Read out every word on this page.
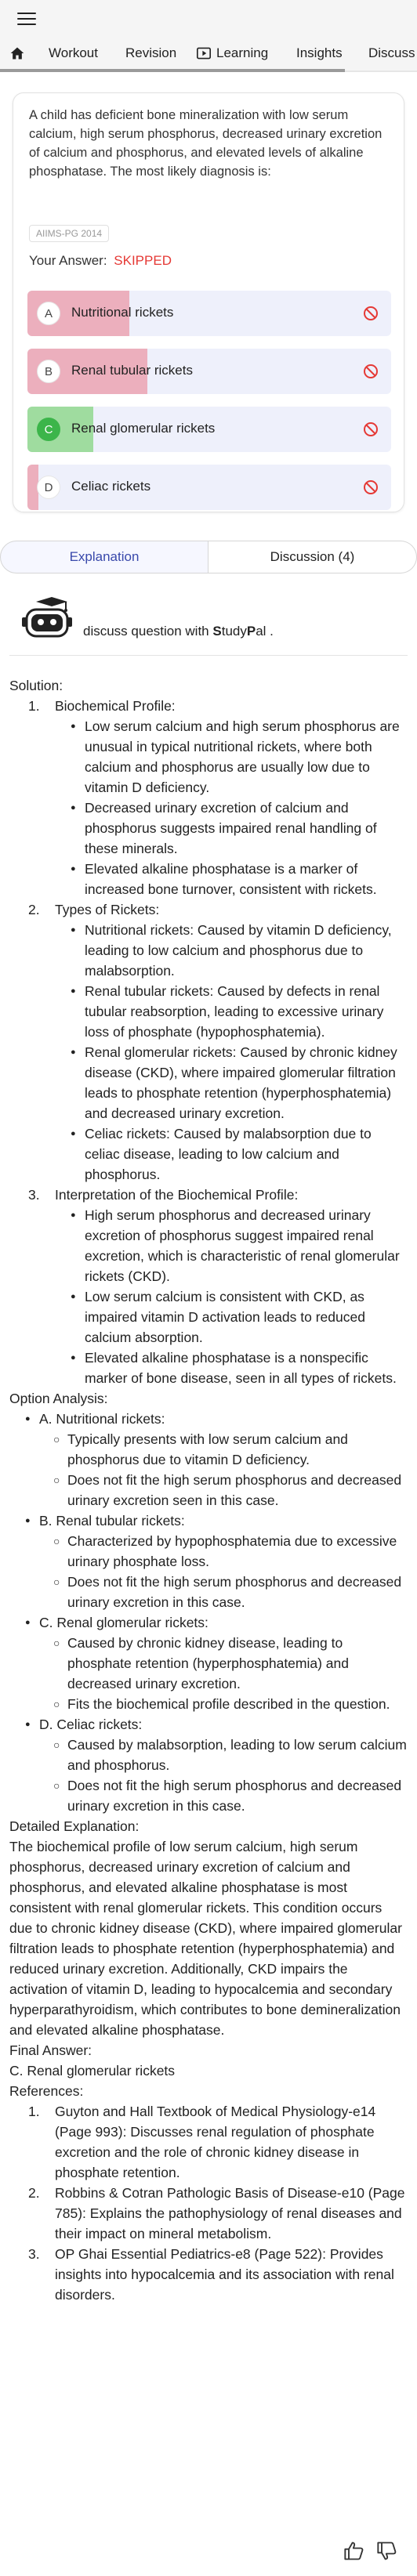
Workout Revision	Learning Insights Discuss
A child has deficient bone mineralization with low serum calcium, high serum phosphorus, decreased urinary excretion of calcium and phosphorus, and elevated levels of alkaline phosphatase. The most likely diagnosis is:
AIIMS-PG 2014
Your Answer: SKIPPED
A	Nutritional rickets
B	Renal tubular rickets
C	Renal glomerular rickets
D	Celiac rickets
Explanation	Discussion (4)
discuss question with StudyPal .

Solution:

1. Biochemical Profile:
● Low serum calcium and high serum phosphorus are unusual in typical nutritional rickets, where both calcium and phosphorus are usually low due to vitamin D deficiency.
● Decreased urinary excretion of calcium and phosphorus suggests impaired renal handling of these minerals.
● Elevated alkaline phosphatase is a marker of increased bone turnover, consistent with rickets.
2. Types of Rickets:
● Nutritional rickets: Caused by vitamin D deficiency, leading to low calcium and phosphorus due to malabsorption.
● Renal tubular rickets: Caused by defects in renal tubular reabsorption, leading to excessive urinary loss of phosphate (hypophosphatemia).
● Renal glomerular rickets: Caused by chronic kidney disease (CKD), where impaired glomerular filtration leads to phosphate retention (hyperphosphatemia) and decreased urinary excretion.
● Celiac rickets: Caused by malabsorption due to celiac disease, leading to low calcium and phosphorus.
3. Interpretation of the Biochemical Profile:
● High serum phosphorus and decreased urinary excretion of phosphorus suggest impaired renal excretion, which is characteristic of renal glomerular rickets (CKD).
● Low serum calcium is consistent with CKD, as impaired vitamin D activation leads to reduced calcium absorption.
● Elevated alkaline phosphatase is a nonspecific marker of bone disease, seen in all types of rickets.

Option Analysis:

● A. Nutritional rickets:
○ Typically presents with low serum calcium and phosphorus due to vitamin D deficiency.
○ Does not fit the high serum phosphorus and decreased urinary excretion seen in this case.
● B. Renal tubular rickets:
○ Characterized by hypophosphatemia due to excessive urinary phosphate loss.
○ Does not fit the high serum phosphorus and decreased urinary excretion in this case.
● C. Renal glomerular rickets:
○ Caused by chronic kidney disease, leading to phosphate retention (hyperphosphatemia) and decreased urinary excretion.
○ Fits the biochemical profile described in the question.
● D. Celiac rickets:
○ Caused by malabsorption, leading to low serum calcium and phosphorus.
○ Does not fit the high serum phosphorus and decreased urinary excretion in this case.

Detailed Explanation:

The biochemical profile of low serum calcium, high serum phosphorus, decreased urinary excretion of calcium and phosphorus, and elevated alkaline phosphatase is most consistent with renal glomerular rickets. This condition occurs due to chronic kidney disease (CKD), where impaired glomerular filtration leads to phosphate retention (hyperphosphatemia) and reduced urinary excretion. Additionally, CKD impairs the activation of vitamin D, leading to hypocalcemia and secondary hyperparathyroidism, which contributes to bone demineralization and elevated alkaline phosphatase.

Final Answer:

C. Renal glomerular rickets

References:

1. Guyton and Hall Textbook of Medical Physiology-e14 (Page 993): Discusses renal regulation of phosphate excretion and the role of chronic kidney disease in phosphate retention.
2. Robbins & Cotran Pathologic Basis of Disease-e10 (Page 785): Explains the pathophysiology of renal diseases and their impact on mineral metabolism.
3. OP Ghai Essential Pediatrics-e8 (Page 522): Provides insights into hypocalcemia and its association with renal disorders.
